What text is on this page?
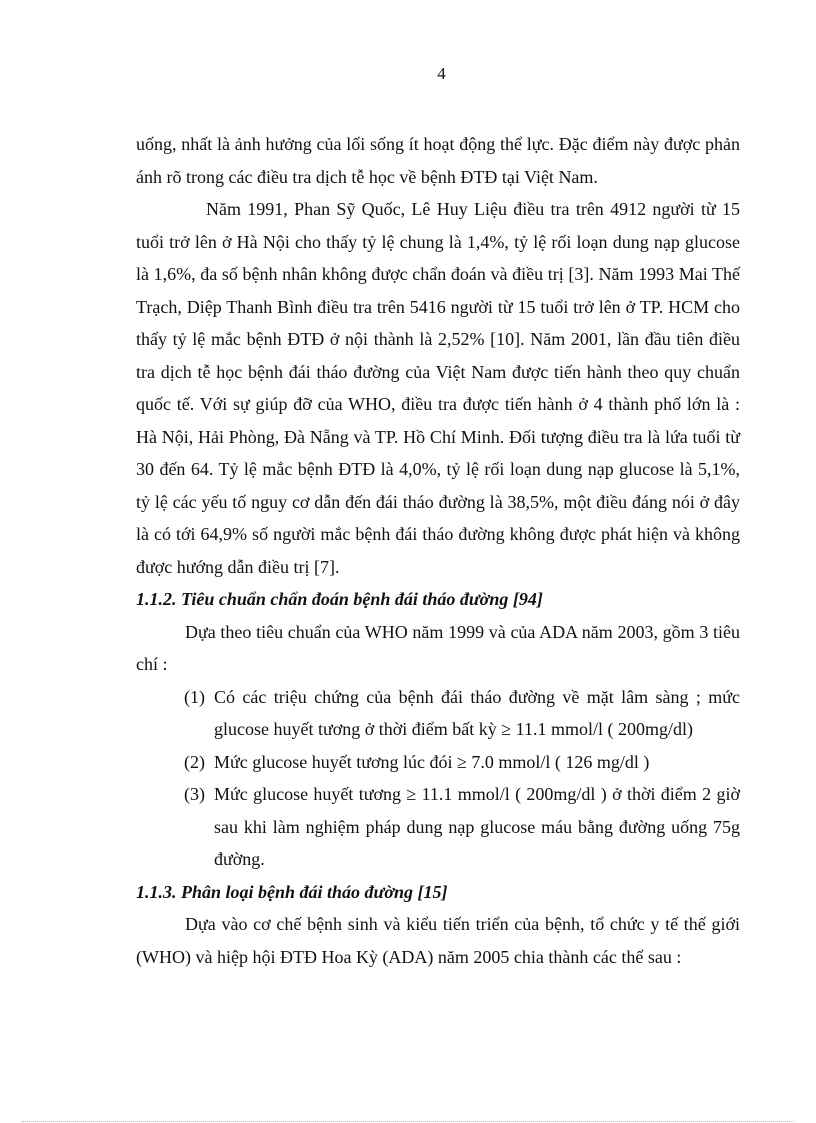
4

uống, nhất là ảnh hưởng của lối sống ít hoạt động thể lực. Đặc điểm này được phản ánh rõ trong các điều tra dịch tễ học về bệnh ĐTĐ tại Việt Nam.

Năm 1991, Phan Sỹ Quốc, Lê Huy Liệu điều tra trên 4912 người từ 15 tuổi trở lên ở Hà Nội cho thấy tỷ lệ chung là 1,4%, tỷ lệ rối loạn dung nạp glucose là 1,6%, đa số bệnh nhân không được chẩn đoán và điều trị [3]. Năm 1993 Mai Thế Trạch, Diệp Thanh Bình điều tra trên 5416 người từ 15 tuổi trở lên ở TP. HCM cho thấy tỷ lệ mắc bệnh ĐTĐ ở nội thành là 2,52% [10]. Năm 2001, lần đầu tiên điều tra dịch tễ học bệnh đái tháo đường của Việt Nam được tiến hành theo quy chuẩn quốc tế. Với sự giúp đỡ của WHO, điều tra được tiến hành ở 4 thành phố lớn là : Hà Nội, Hải Phòng, Đà Nẵng và TP. Hồ Chí Minh. Đối tượng điều tra là lứa tuổi từ 30 đến 64. Tỷ lệ mắc bệnh ĐTĐ là 4,0%, tỷ lệ rối loạn dung nạp glucose là 5,1%, tỷ lệ các yếu tố nguy cơ dẫn đến đái tháo đường là 38,5%, một điều đáng nói ở đây là có tới 64,9% số người mắc bệnh đái tháo đường không được phát hiện và không được hướng dẫn điều trị [7].

1.1.2. Tiêu chuẩn chẩn đoán bệnh đái tháo đường [94]

Dựa theo tiêu chuẩn của WHO năm 1999 và của ADA năm 2003, gồm 3 tiêu chí :

(1) Có các triệu chứng của bệnh đái tháo đường về mặt lâm sàng ; mức glucose huyết tương ở thời điểm bất kỳ ≥ 11.1 mmol/l ( 200mg/dl)
(2) Mức glucose huyết tương lúc đói ≥ 7.0 mmol/l ( 126 mg/dl )
(3) Mức glucose huyết tương ≥ 11.1 mmol/l ( 200mg/dl ) ở thời điểm 2 giờ sau khi làm nghiệm pháp dung nạp glucose máu bằng đường uống 75g đường.
1.1.3. Phân loại bệnh đái tháo đường [15]

Dựa vào cơ chế bệnh sinh và kiểu tiến triển của bệnh, tổ chức y tế thế giới (WHO) và hiệp hội ĐTĐ Hoa Kỳ (ADA) năm 2005 chia thành các thể sau :
